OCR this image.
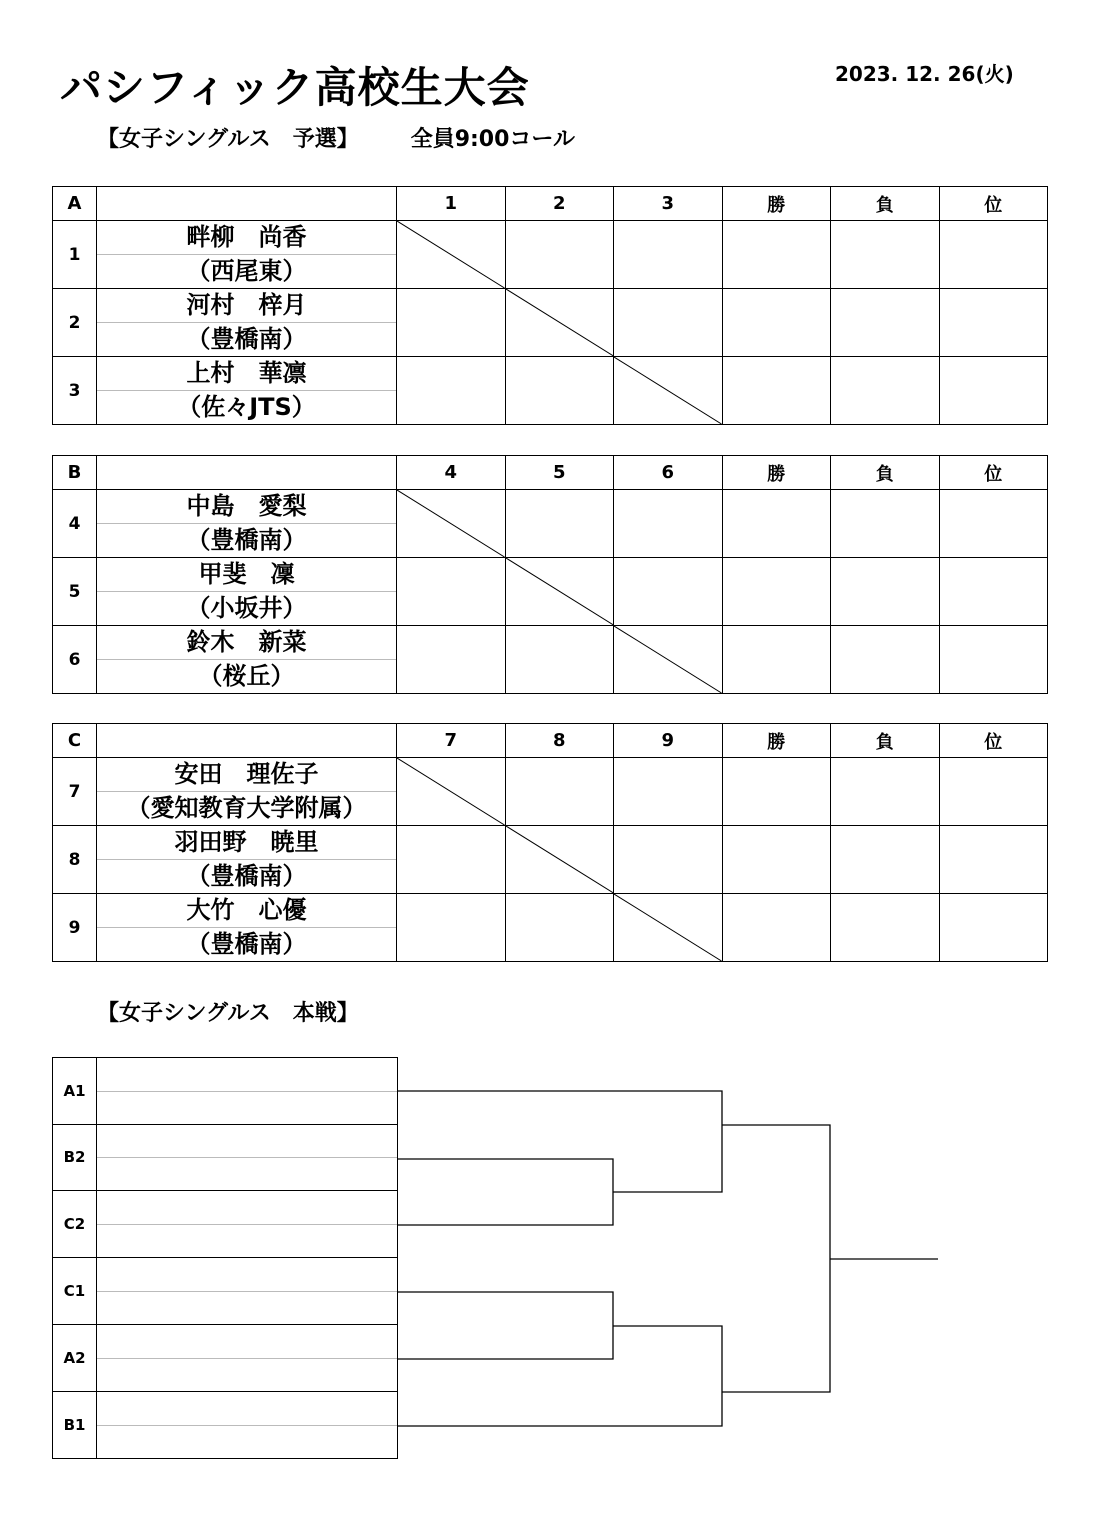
パシフィック高校生大会	2023. 12. 26(火)
【女子シングルス　予選】 全員9:00コール
A		1	2	3	勝	負	位
1	畔柳　尚香
（西尾東）

2	河村　梓月
（豊橋南）

3	上村　華凛
（佐々JTS）

B		4	5	6	勝	負	位
4	中島　愛梨
（豊橋南）

5	甲斐　凜
（小坂井）

6	鈴木　新菜
（桜丘）

C		7	8	9	勝	負	位
7	安田　理佐子
（愛知教育大学附属）

8	羽田野　暁里
（豊橋南）

9	大竹　心優
（豊橋南）

【女子シングルス　本戦】
A1
B2
C2
C1
A2
B1
